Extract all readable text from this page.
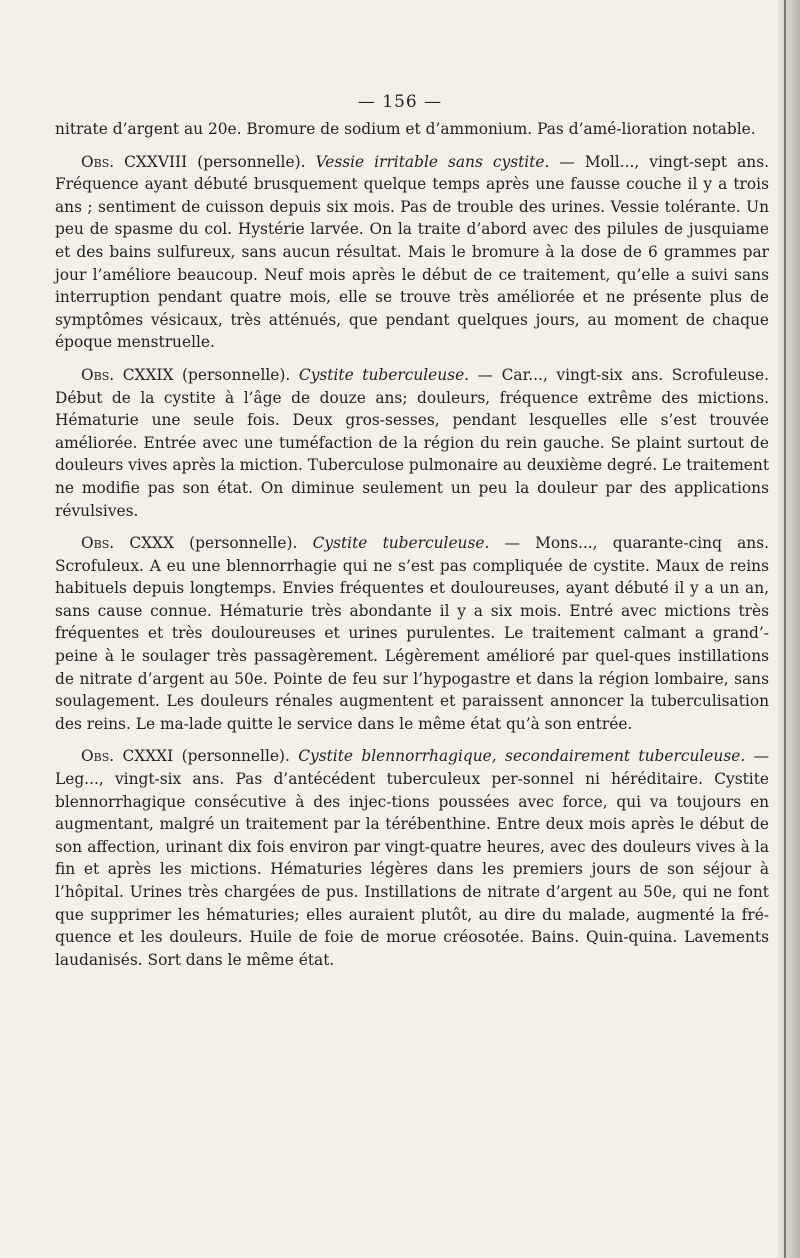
— 156 —

nitrate d’argent au 20e. Bromure de sodium et d’ammonium. Pas d’amé-lioration notable.

Obs. CXXVIII (personnelle). Vessie irritable sans cystite. — Moll..., vingt-sept ans. Fréquence ayant débuté brusquement quelque temps après une fausse couche il y a trois ans ; sentiment de cuisson depuis six mois. Pas de trouble des urines. Vessie tolérante. Un peu de spasme du col. Hystérie larvée. On la traite d’abord avec des pilules de jusquiame et des bains sulfureux, sans aucun résultat. Mais le bromure à la dose de 6 grammes par jour l’améliore beaucoup. Neuf mois après le début de ce traitement, qu’elle a suivi sans interruption pendant quatre mois, elle se trouve très améliorée et ne présente plus de symptômes vésicaux, très atténués, que pendant quelques jours, au moment de chaque époque menstruelle.

Obs. CXXIX (personnelle). Cystite tuberculeuse. — Car..., vingt-six ans. Scrofuleuse. Début de la cystite à l’âge de douze ans; douleurs, fréquence extrême des mictions. Hématurie une seule fois. Deux gros-sesses, pendant lesquelles elle s’est trouvée améliorée. Entrée avec une tuméfaction de la région du rein gauche. Se plaint surtout de douleurs vives après la miction. Tuberculose pulmonaire au deuxième degré. Le traitement ne modifie pas son état. On diminue seulement un peu la douleur par des applications révulsives.

Obs. CXXX (personnelle). Cystite tuberculeuse. — Mons..., quarante-cinq ans. Scrofuleux. A eu une blennorrhagie qui ne s’est pas compliquée de cystite. Maux de reins habituels depuis longtemps. Envies fréquentes et douloureuses, ayant débuté il y a un an, sans cause connue. Hématurie très abondante il y a six mois. Entré avec mictions très fréquentes et très douloureuses et urines purulentes. Le traitement calmant a grand’-peine à le soulager très passagèrement. Légèrement amélioré par quel-ques instillations de nitrate d’argent au 50e. Pointe de feu sur l’hypogastre et dans la région lombaire, sans soulagement. Les douleurs rénales augmentent et paraissent annoncer la tuberculisation des reins. Le ma-lade quitte le service dans le même état qu’à son entrée.

Obs. CXXXI (personnelle). Cystite blennorrhagique, secondairement tuberculeuse. — Leg..., vingt-six ans. Pas d’antécédent tuberculeux per-sonnel ni héréditaire. Cystite blennorrhagique consécutive à des injec-tions poussées avec force, qui va toujours en augmentant, malgré un traitement par la térébenthine. Entre deux mois après le début de son affection, urinant dix fois environ par vingt-quatre heures, avec des douleurs vives à la fin et après les mictions. Hématuries légères dans les premiers jours de son séjour à l’hôpital. Urines très chargées de pus. Instillations de nitrate d’argent au 50e, qui ne font que supprimer les hématuries; elles auraient plutôt, au dire du malade, augmenté la fré-quence et les douleurs. Huile de foie de morue créosotée. Bains. Quin-quina. Lavements laudanisés. Sort dans le même état.
